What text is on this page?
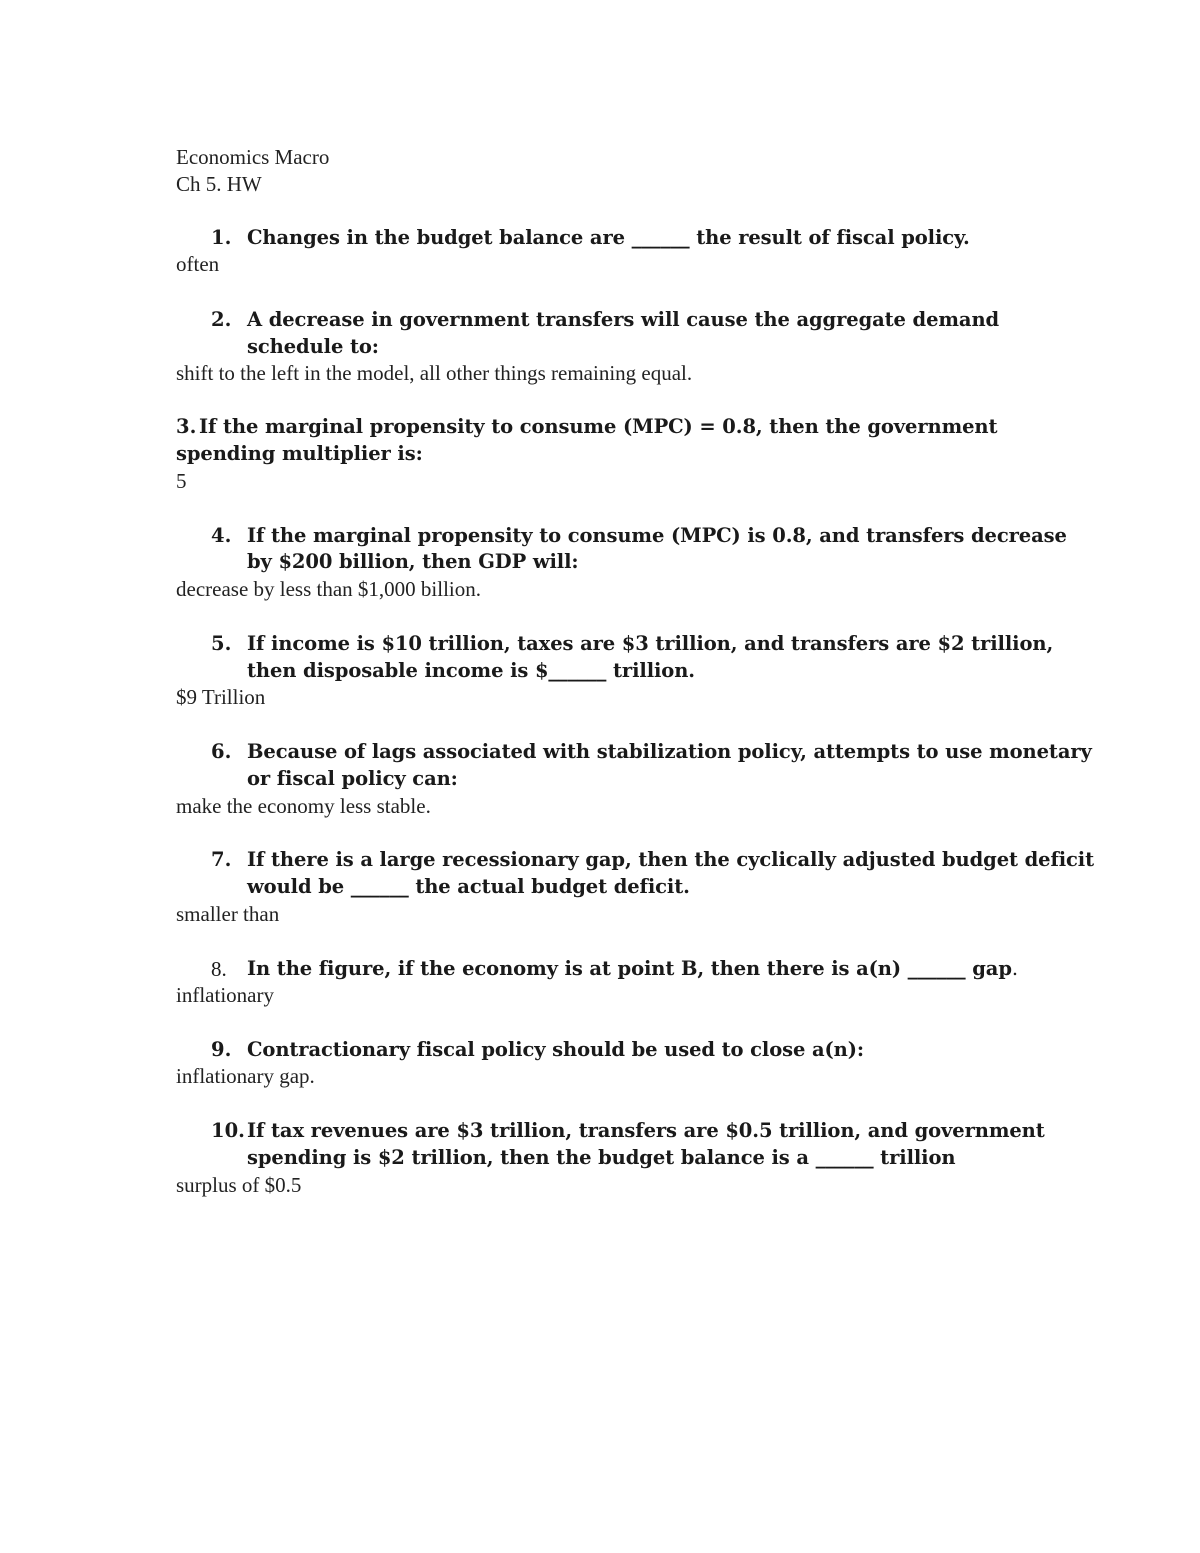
Economics Macro
Ch 5. HW
1. Changes in the budget balance are ______ the result of fiscal policy.
often
2. A decrease in government transfers will cause the aggregate demand
schedule to:
shift to the left in the model, all other things remaining equal.
3. If the marginal propensity to consume (MPC) = 0.8, then the government
spending multiplier is:
5
4. If the marginal propensity to consume (MPC) is 0.8, and transfers decrease
by $200 billion, then GDP will:
decrease by less than $1,000 billion.
5. If income is $10 trillion, taxes are $3 trillion, and transfers are $2 trillion,
then disposable income is $______ trillion.
$9 Trillion
6. Because of lags associated with stabilization policy, attempts to use monetary
or fiscal policy can:
make the economy less stable.
7. If there is a large recessionary gap, then the cyclically adjusted budget deficit
would be ______ the actual budget deficit.
smaller than
8. In the figure, if the economy is at point B, then there is a(n) ______ gap.
inflationary
9. Contractionary fiscal policy should be used to close a(n):
inflationary gap.
10. If tax revenues are $3 trillion, transfers are $0.5 trillion, and government
spending is $2 trillion, then the budget balance is a ______ trillion
surplus of $0.5
